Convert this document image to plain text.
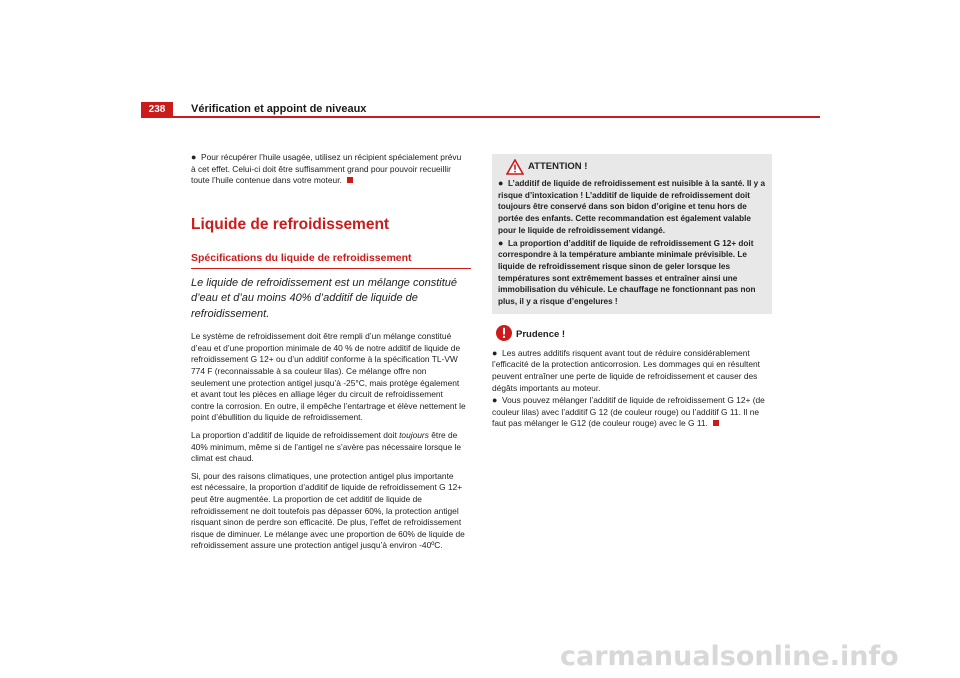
238	Vérification et appoint de niveaux

● Pour récupérer l’huile usagée, utilisez un récipient spécialement prévu à cet effet. Celui-ci doit être suffisamment grand pour pouvoir recueillir toute l’huile contenue dans votre moteur.

Liquide de refroidissement
Spécifications du liquide de refroidissement
Le liquide de refroidissement est un mélange constitué d’eau et d’au moins 40% d’additif de liquide de refroidissement.

Le système de refroidissement doit être rempli d’un mélange constitué d’eau et d’une proportion minimale de 40 % de notre additif de liquide de refroidissement G 12+ ou d’un additif conforme à la spécification TL-VW 774 F (reconnaissable à sa couleur lilas). Ce mélange offre non seulement une protection antigel jusqu’à -25°C, mais protège également et avant tout les pièces en alliage léger du circuit de refroidissement contre la corrosion. En outre, il empêche l’entartrage et élève nettement le point d’ébullition du liquide de refroidissement.

La proportion d’additif de liquide de refroidissement doit toujours être de 40% minimum, même si de l’antigel ne s’avère pas nécessaire lorsque le climat est chaud.

Si, pour des raisons climatiques, une protection antigel plus importante est nécessaire, la proportion d’additif de liquide de refroidissement G 12+ peut être augmentée. La proportion de cet additif de liquide de refroidissement ne doit toutefois pas dépasser 60%, la protection antigel risquant sinon de perdre son efficacité. De plus, l’effet de refroidissement risque de diminuer. Le mélange avec une proportion de 60% de liquide de refroidissement assure une protection antigel jusqu’à environ -40ºC.

ATTENTION !

● L’additif de liquide de refroidissement est nuisible à la santé. Il y a risque d’intoxication ! L’additif de liquide de refroidissement doit toujours être conservé dans son bidon d’origine et tenu hors de portée des enfants. Cette recommandation est également valable pour le liquide de refroidissement vidangé.

● La proportion d’additif de liquide de refroidissement G 12+ doit correspondre à la température ambiante minimale prévisible. Le liquide de refroidissement risque sinon de geler lorsque les températures sont extrêmement basses et entraîner ainsi une immobilisation du véhicule. Le chauffage ne fonctionnant pas non plus, il y a risque d’engelures !

Prudence !

● Les autres additifs risquent avant tout de réduire considérablement l’efficacité de la protection anticorrosion. Les dommages qui en résultent peuvent entraîner une perte de liquide de refroidissement et causer des dégâts importants au moteur.

● Vous pouvez mélanger l’additif de liquide de refroidissement G 12+ (de couleur lilas) avec l’additif G 12 (de couleur rouge) ou l’additif G 11. Il ne faut pas mélanger le G12 (de couleur rouge) avec le G 11.

carmanualsonline.info
